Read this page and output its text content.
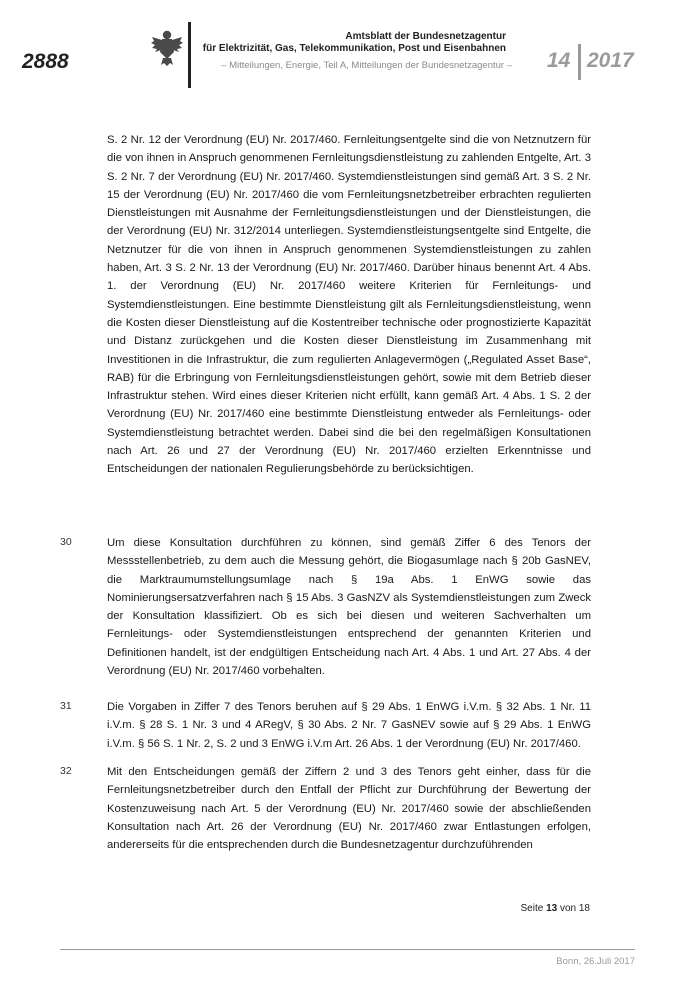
2888
Amtsblatt der Bundesnetzagentur
für Elektrizität, Gas, Telekommunikation, Post und Eisenbahnen
– Mitteilungen, Energie, Teil A, Mitteilungen der Bundesnetzagentur – 14 2017
S. 2 Nr. 12 der Verordnung (EU) Nr. 2017/460. Fernleitungsentgelte sind die von Netznutzern für die von ihnen in Anspruch genommenen Fernleitungsdienstleistung zu zahlenden Entgelte, Art. 3 S. 2 Nr. 7 der Verordnung (EU) Nr. 2017/460. Systemdienstleistungen sind gemäß Art. 3 S. 2 Nr. 15 der Verordnung (EU) Nr. 2017/460 die vom Fernleitungsnetzbetreiber erbrachten regulierten Dienstleistungen mit Ausnahme der Fernleitungsdienstleistungen und der Dienstleistungen, die der Verordnung (EU) Nr. 312/2014 unterliegen. Systemdienstleistungsentgelte sind Entgelte, die Netznutzer für die von ihnen in Anspruch genommenen Systemdienstleistungen zu zahlen haben, Art. 3 S. 2 Nr. 13 der Verordnung (EU) Nr. 2017/460. Darüber hinaus benennt Art. 4 Abs. 1. der Verordnung (EU) Nr. 2017/460 weitere Kriterien für Fernleitungs- und Systemdienstleistungen. Eine bestimmte Dienstleistung gilt als Fernleitungsdienstleistung, wenn die Kosten dieser Dienstleistung auf die Kostentreiber technische oder prognostizierte Kapazität und Distanz zurückgehen und die Kosten dieser Dienstleistung im Zusammenhang mit Investitionen in die Infrastruktur, die zum regulierten Anlagevermögen („Regulated Asset Base“, RAB) für die Erbringung von Fernleitungsdienstleistungen gehört, sowie mit dem Betrieb dieser Infrastruktur stehen. Wird eines dieser Kriterien nicht erfüllt, kann gemäß Art. 4 Abs. 1 S. 2 der Verordnung (EU) Nr. 2017/460 eine bestimmte Dienstleistung entweder als Fernleitungs- oder Systemdienstleistung betrachtet werden. Dabei sind die bei den regelmäßigen Konsultationen nach Art. 26 und 27 der Verordnung (EU) Nr. 2017/460 erzielten Erkenntnisse und Entscheidungen der nationalen Regulierungsbehörde zu berücksichtigen.
30	Um diese Konsultation durchführen zu können, sind gemäß Ziffer 6 des Tenors der Messstellenbetrieb, zu dem auch die Messung gehört, die Biogasumlage nach § 20b GasNEV, die Marktraumumstellungsumlage nach § 19a Abs. 1 EnWG sowie das Nominierungsersatzverfahren nach § 15 Abs. 3 GasNZV als Systemdienstleistungen zum Zweck der Konsultation klassifiziert. Ob es sich bei diesen und weiteren Sachverhalten um Fernleitungs- oder Systemdienstleistungen entsprechend der genannten Kriterien und Definitionen handelt, ist der endgültigen Entscheidung nach Art. 4 Abs. 1 und Art. 27 Abs. 4 der Verordnung (EU) Nr. 2017/460 vorbehalten.
31	Die Vorgaben in Ziffer 7 des Tenors beruhen auf § 29 Abs. 1 EnWG i.V.m. § 32 Abs. 1 Nr. 11 i.V.m. § 28 S. 1 Nr. 3 und 4 ARegV, § 30 Abs. 2 Nr. 7 GasNEV sowie auf § 29 Abs. 1 EnWG i.V.m. § 56 S. 1 Nr. 2, S. 2 und 3 EnWG i.V.m Art. 26 Abs. 1 der Verordnung (EU) Nr. 2017/460.
32	Mit den Entscheidungen gemäß der Ziffern 2 und 3 des Tenors geht einher, dass für die Fernleitungsnetzbetreiber durch den Entfall der Pflicht zur Durchführung der Bewertung der Kostenzuweisung nach Art. 5 der Verordnung (EU) Nr. 2017/460 sowie der abschließenden Konsultation nach Art. 26 der Verordnung (EU) Nr. 2017/460 zwar Entlastungen erfolgen, andererseits für die entsprechenden durch die Bundesnetzagentur durchzuführenden
Seite 13 von 18
Bonn, 26.Juli 2017
